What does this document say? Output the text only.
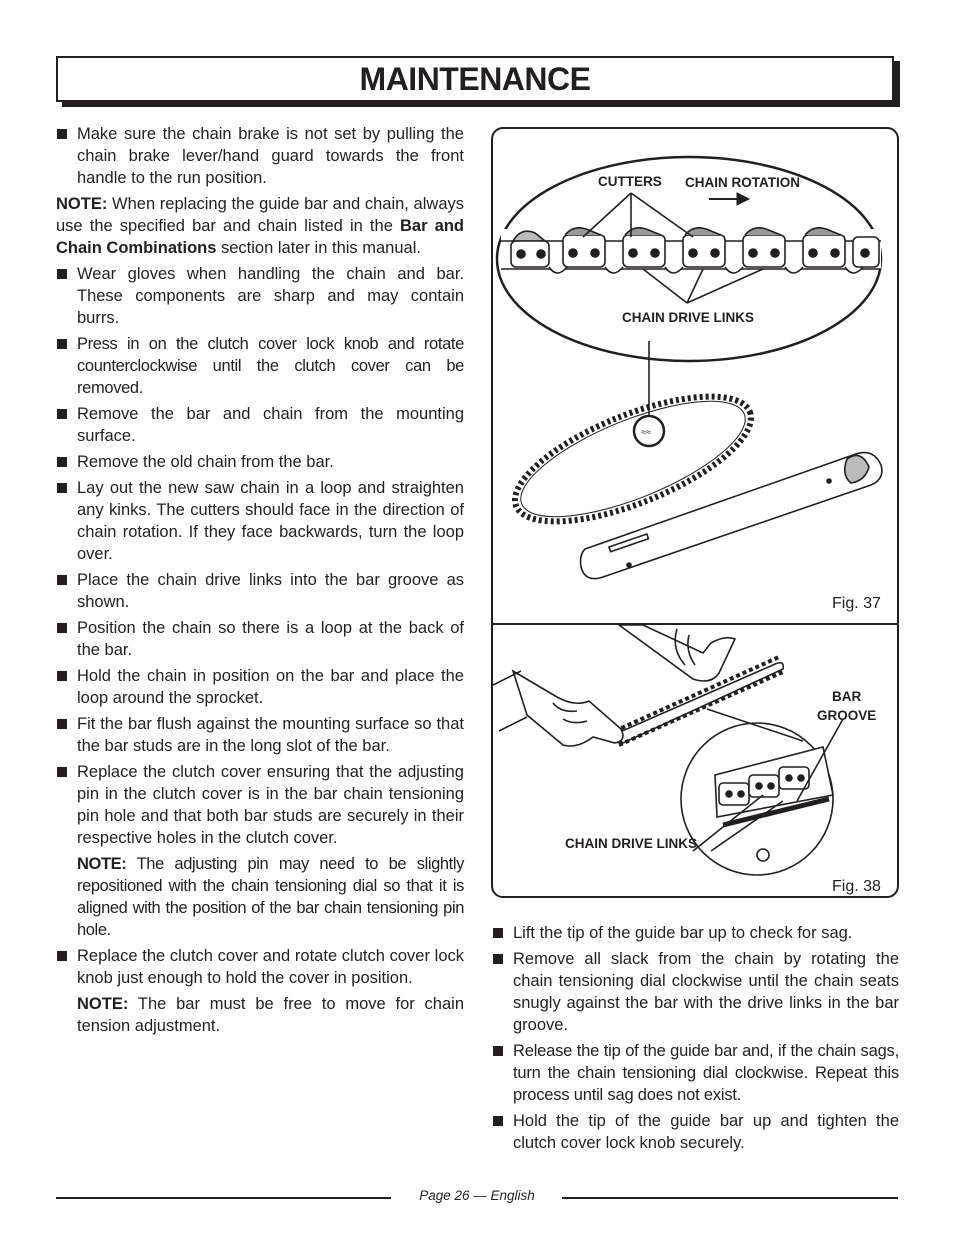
MAINTENANCE
Make sure the chain brake is not set by pulling the chain brake lever/hand guard towards the front handle to the run position.
NOTE: When replacing the guide bar and chain, always use the specified bar and chain listed in the Bar and Chain Combinations section later in this manual.
Wear gloves when handling the chain and bar. These components are sharp and may contain burrs.
Press in on the clutch cover lock knob and rotate counterclockwise until the clutch cover can be removed.
Remove the bar and chain from the mounting surface.
Remove the old chain from the bar.
Lay out the new saw chain in a loop and straighten any kinks. The cutters should face in the direction of chain rotation. If they face backwards, turn the loop over.
Place the chain drive links into the bar groove as shown.
Position the chain so there is a loop at the back of the bar.
Hold the chain in position on the bar and place the loop around the sprocket.
Fit the bar flush against the mounting surface so that the bar studs are in the long slot of the bar.
Replace the clutch cover ensuring that the adjusting pin in the clutch cover is in the bar chain tensioning pin hole and that both bar studs are securely in their respective holes in the clutch cover.
NOTE: The adjusting pin may need to be slightly repositioned with the chain tensioning dial so that it is aligned with the position of the bar chain tensioning pin hole.
Replace the clutch cover and rotate clutch cover lock knob just enough to hold the cover in position.
NOTE: The bar must be free to move for chain tension adjustment.
≈≈
CUTTERS CHAIN ROTATION
CHAIN DRIVE LINKS
Fig. 37
BAR
GROOVE
CHAIN DRIVE LINKS
Fig. 38
Lift the tip of the guide bar up to check for sag.
Remove all slack from the chain by rotating the chain tensioning dial clockwise until the chain seats snugly against the bar with the drive links in the bar groove.
Release the tip of the guide bar and, if the chain sags, turn the chain tensioning dial clockwise. Repeat this process until sag does not exist.
Hold the tip of the guide bar up and tighten the clutch cover lock knob securely.
Page 26 — English
